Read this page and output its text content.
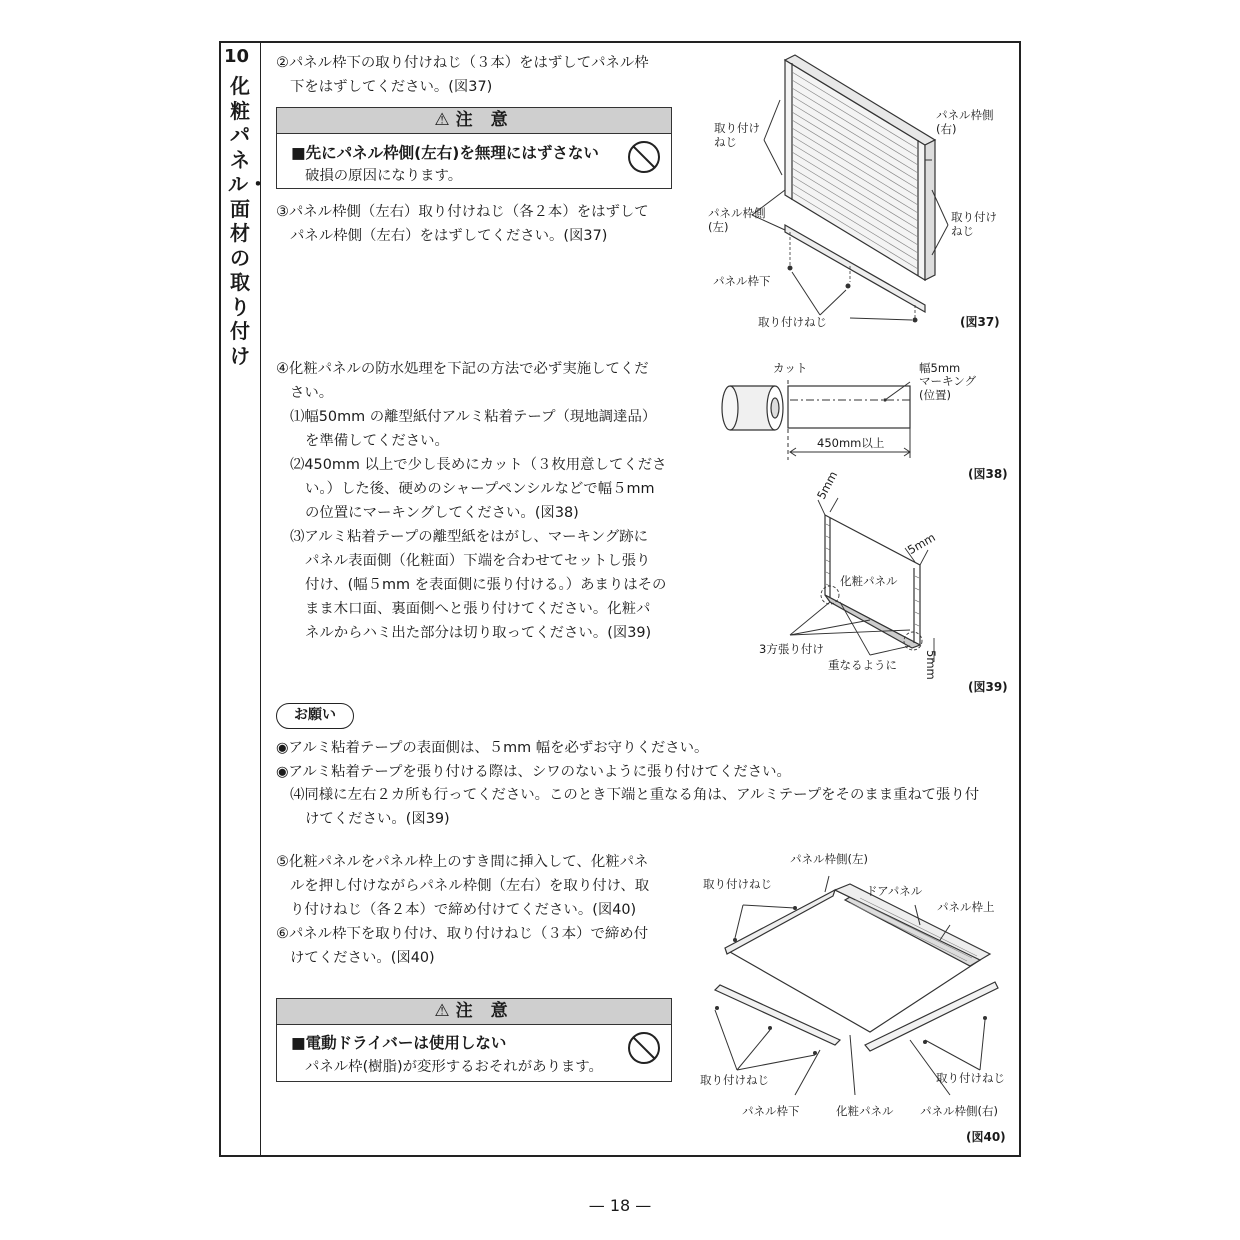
10
化粧パネル・面材の取り付け
②パネル枠下の取り付けねじ（３本）をはずしてパネル枠
下をはずしてください。(図37)
⚠注 意
■先にパネル枠側(左右)を無理にはずさない
破損の原因になります。
③パネル枠側（左右）取り付けねじ（各２本）をはずして
パネル枠側（左右）をはずしてください。(図37)
④化粧パネルの防水処理を下記の方法で必ず実施してくだ
さい。
⑴幅50mm の離型紙付アルミ粘着テープ（現地調達品）
を準備してください。
⑵450mm 以上で少し長めにカット（３枚用意してくださ
い。）した後、硬めのシャープペンシルなどで幅５mm
の位置にマーキングしてください。(図38)
⑶アルミ粘着テープの離型紙をはがし、マーキング跡に
パネル表面側（化粧面）下端を合わせてセットし張り
付け、(幅５mm を表面側に張り付ける。）あまりはその
まま木口面、裏面側へと張り付けてください。化粧パ
ネルからハミ出た部分は切り取ってください。(図39)
お願い
◉アルミ粘着テープの表面側は、５mm 幅を必ずお守りください。
◉アルミ粘着テープを張り付ける際は、シワのないように張り付けてください。
⑷同様に左右２カ所も行ってください。このとき下端と重なる角は、アルミテープをそのまま重ねて張り付
けてください。(図39)
⑤化粧パネルをパネル枠上のすき間に挿入して、化粧パネ
ルを押し付けながらパネル枠側（左右）を取り付け、取
り付けねじ（各２本）で締め付けてください。(図40)
⑥パネル枠下を取り付け、取り付けねじ（３本）で締め付
けてください。(図40)
⚠注 意
■電動ドライバーは使用しない
パネル枠(樹脂)が変形するおそれがあります。
取り付け
ねじ
パネル枠側
(右)
パネル枠側
(左)
取り付け
ねじ
パネル枠下
取り付けねじ	(図37)
カット	幅5mm
マーキング
(位置)
450mm以上
(図38)
5mm
5mm
化粧パネル
3方張り付け
重なるように 5mm
(図39)
パネル枠側(左)
取り付けねじ	ドアパネル
パネル枠上
取り付けねじ	取り付けねじ
パネル枠下	化粧パネル パネル枠側(右)
(図40)
— 18 —
